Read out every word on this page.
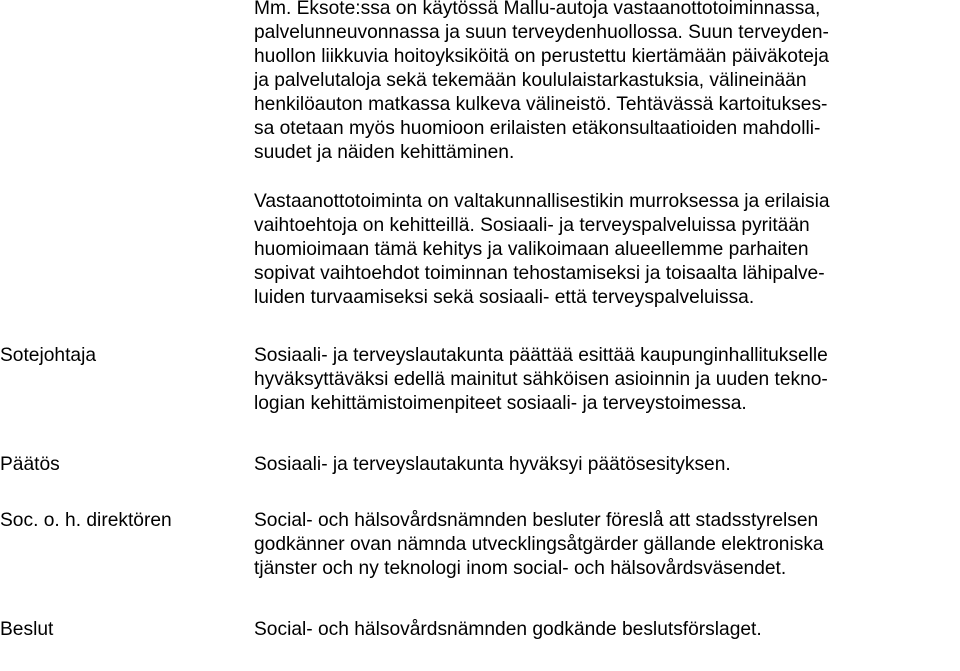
Mm. Eksote:ssa on käytössä Mallu-autoja vastaanottotoiminnassa,

palvelunneuvonnassa ja suun terveydenhuollossa. Suun terveyden-

huollon liikkuvia hoitoyksiköitä on perustettu kiertämään päiväkoteja

ja palvelutaloja sekä tekemään koululaistarkastuksia, välineinään

henkilöauton matkassa kulkeva välineistö. Tehtävässä kartoitukses-

sa otetaan myös huomioon erilaisten etäkonsultaatioiden mahdolli-

suudet ja näiden kehittäminen.

Vastaanottotoiminta on valtakunnallisestikin murroksessa ja erilaisia

vaihtoehtoja on kehitteillä. Sosiaali- ja terveyspalveluissa pyritään

huomioimaan tämä kehitys ja valikoimaan alueellemme parhaiten

sopivat vaihtoehdot toiminnan tehostamiseksi ja toisaalta lähipalve-

luiden turvaamiseksi sekä sosiaali- että terveyspalveluissa.

Sotejohtaja	Sosiaali- ja terveyslautakunta päättää esittää kaupunginhallitukselle

hyväksyttäväksi edellä mainitut sähköisen asioinnin ja uuden tekno-

logian kehittämistoimenpiteet sosiaali- ja terveystoimessa.

Päätös	Sosiaali- ja terveyslautakunta hyväksyi päätösesityksen.

Soc. o. h. direktören	Social- och hälsovårdsnämnden besluter föreslå att stadsstyrelsen

godkänner ovan nämnda utvecklingsåtgärder gällande elektroniska

tjänster och ny teknologi inom social- och hälsovårdsväsendet.

Beslut	Social- och hälsovårdsnämnden godkände beslutsförslaget.
